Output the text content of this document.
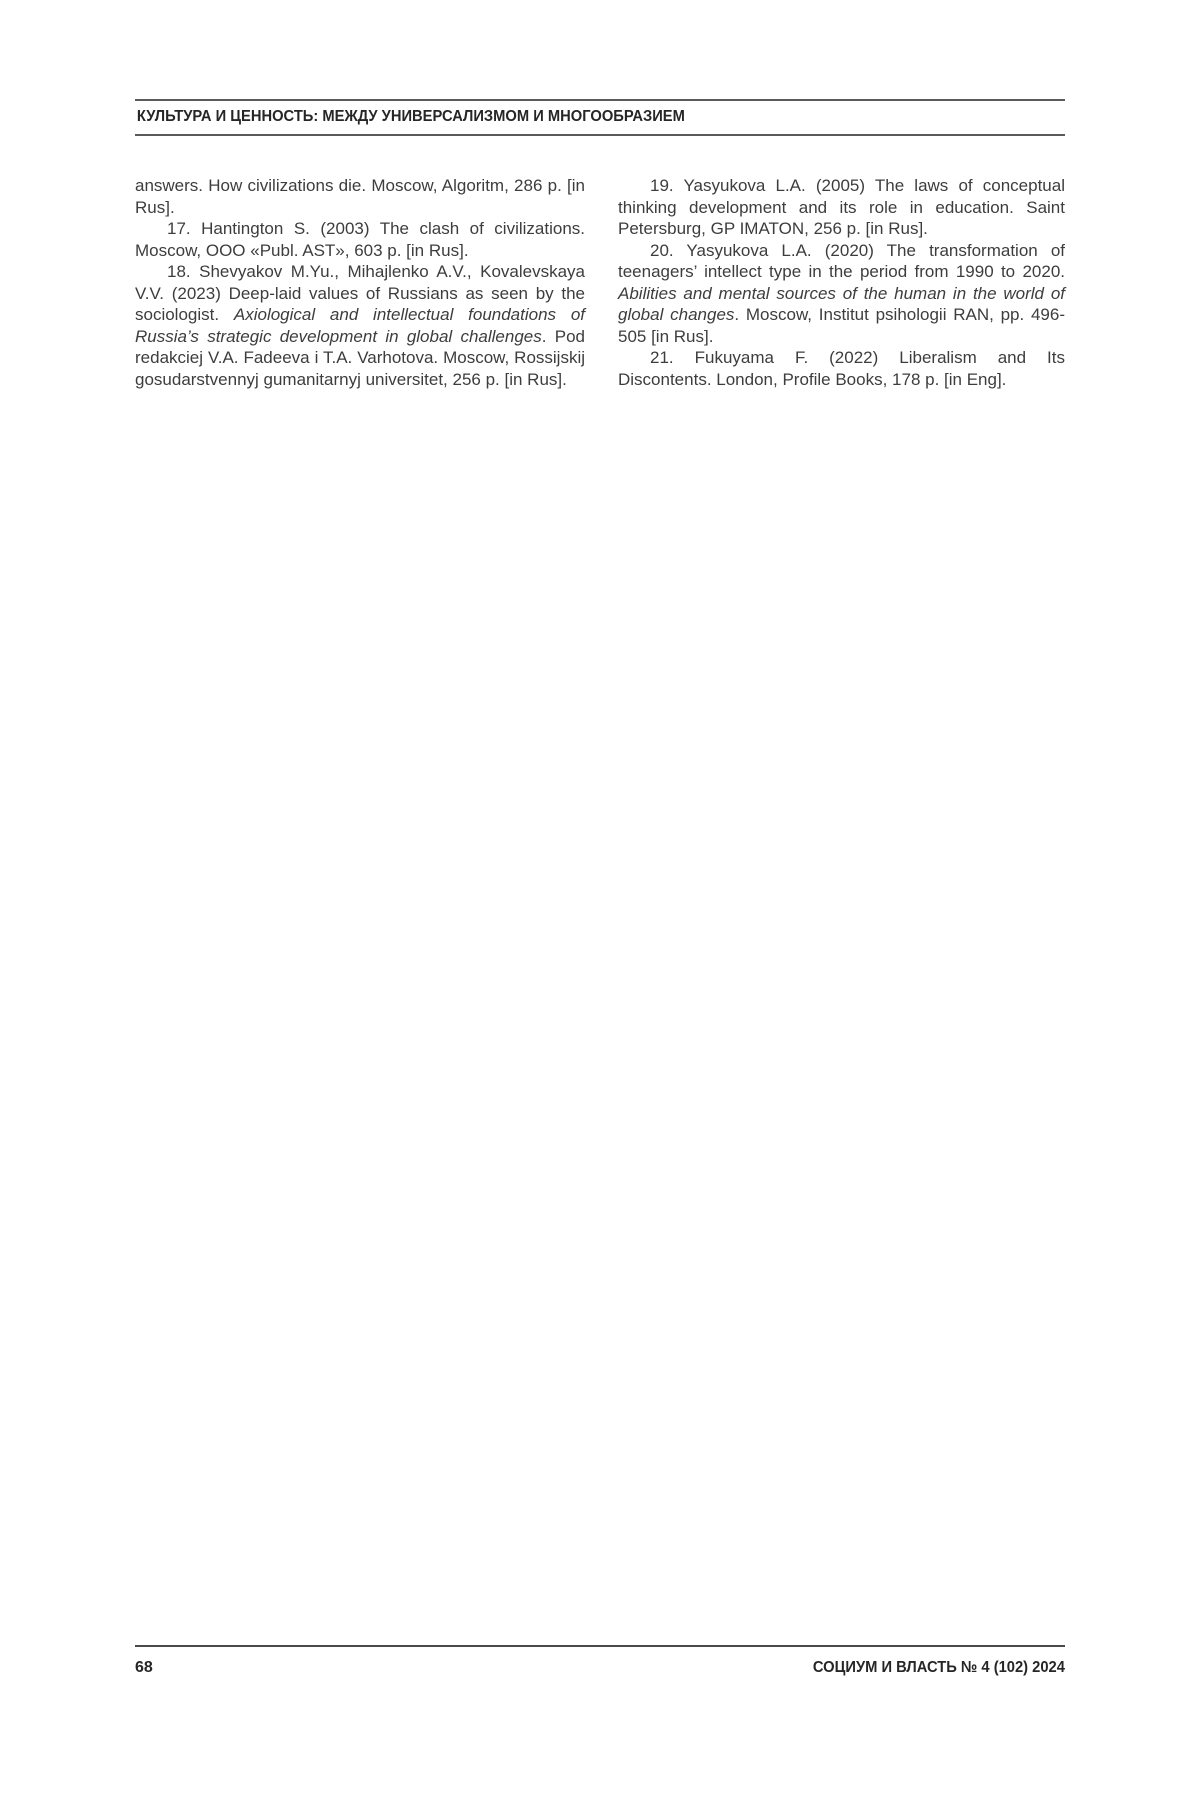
КУЛЬТУРА И ЦЕННОСТЬ: МЕЖДУ УНИВЕРСАЛИЗМОМ И МНОГООБРАЗИЕМ

answers. How civilizations die. Moscow, Algoritm, 286 p. [in Rus].

17. Hantington S. (2003) The clash of civilizations. Moscow, OOO «Publ. AST», 603 p. [in Rus].

18. Shevyakov M.Yu., Mihajlenko A.V., Kovalevskaya V.V. (2023) Deep-laid values of Russians as seen by the sociologist. Axiological and intellectual foundations of Russia’s strategic development in global challenges. Pod redakciej V.A. Fadeeva i T.A. Varhotova. Moscow, Rossijskij gosudarstvennyj gumanitarnyj universitet, 256 p. [in Rus].

19. Yasyukova L.A. (2005) The laws of conceptual thinking development and its role in education. Saint Petersburg, GP IMATON, 256 p. [in Rus].

20. Yasyukova L.A. (2020) The transformation of teenagers’ intellect type in the period from 1990 to 2020. Abilities and mental sources of the human in the world of global changes. Moscow, Institut psihologii RAN, pp. 496-505 [in Rus].

21. Fukuyama F. (2022) Liberalism and Its Discontents. London, Profile Books, 178 p. [in Eng].

68	СОЦИУМ И ВЛАСТЬ № 4 (102) 2024
